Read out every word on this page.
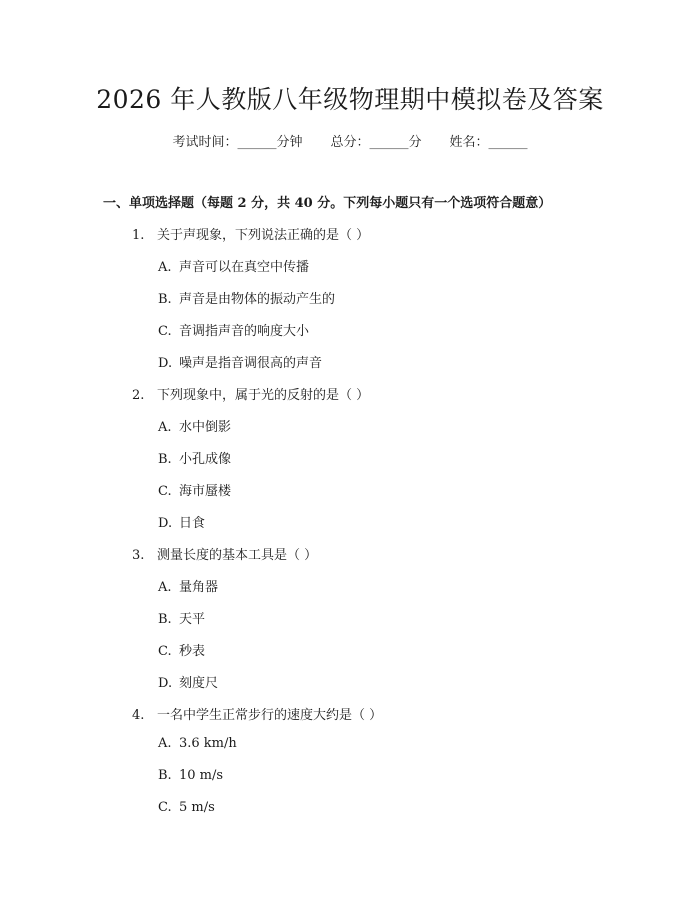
2026 年人教版八年级物理期中模拟卷及答案
考试时间：______分钟 总分：______分 姓名：______
一、单项选择题（每题 2 分，共 40 分。下列每小题只有一个选项符合题意）
1. 关于声现象，下列说法正确的是（ ）
A. 声音可以在真空中传播
B. 声音是由物体的振动产生的
C. 音调指声音的响度大小
D. 噪声是指音调很高的声音
2. 下列现象中，属于光的反射的是（ ）
A. 水中倒影
B. 小孔成像
C. 海市蜃楼
D. 日食
3. 测量长度的基本工具是（ ）
A. 量角器
B. 天平
C. 秒表
D. 刻度尺
4. 一名中学生正常步行的速度大约是（ ）
A. 3.6 km/h
B. 10 m/s
C. 5 m/s
